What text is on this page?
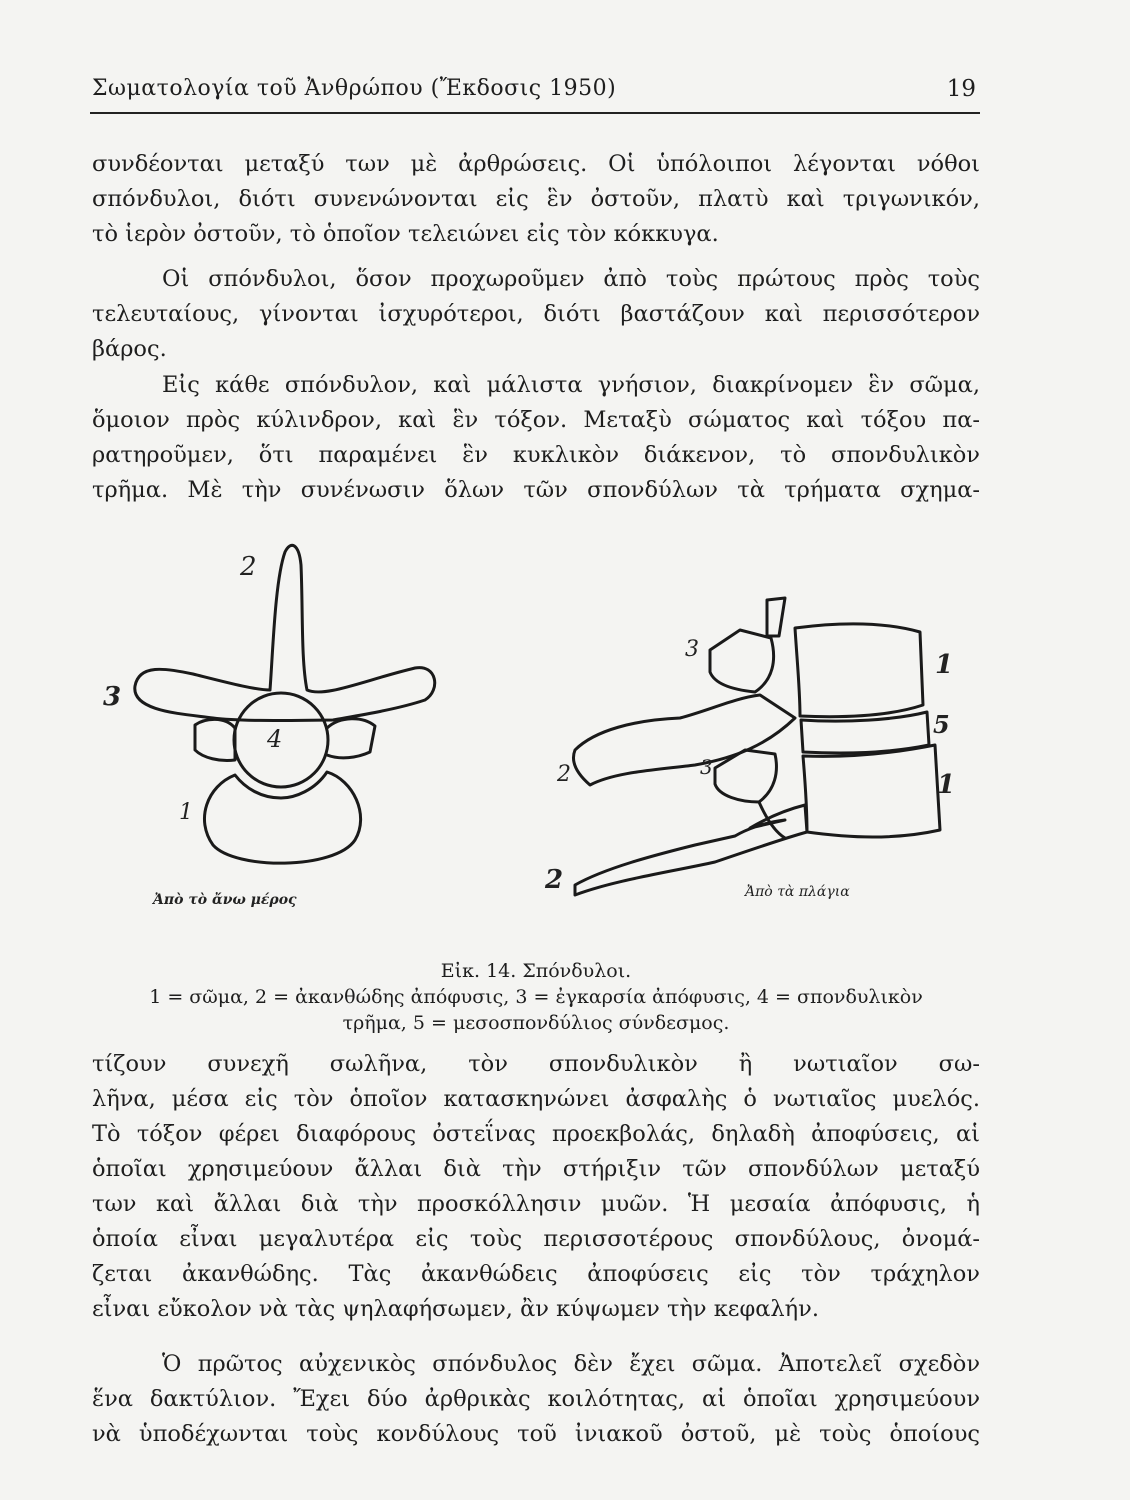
Σωματολογία τοῦ Ἀνθρώπου (Ἔκδοσις 1950)	19
συνδέονται μεταξύ των μὲ ἀρθρώσεις. Οἱ ὑπόλοιποι λέγονται νόθοι
σπόνδυλοι, διότι συνενώνονται εἰς ἓν ὀστοῦν, πλατὺ καὶ τριγωνικόν,
τὸ ἱερὸν ὀστοῦν, τὸ ὁποῖον τελειώνει εἰς τὸν κόκκυγα.
Οἱ σπόνδυλοι, ὅσον προχωροῦμεν ἀπὸ τοὺς πρώτους πρὸς τοὺς
τελευταίους, γίνονται ἰσχυρότεροι, διότι βαστάζουν καὶ περισσότερον
βάρος.
Εἰς κάθε σπόνδυλον, καὶ μάλιστα γνήσιον, διακρίνομεν ἓν σῶμα,
ὅμοιον πρὸς κύλινδρον, καὶ ἓν τόξον. Μεταξὺ σώματος καὶ τόξου πα-
ρατηροῦμεν, ὅτι παραμένει ἓν κυκλικὸν διάκενον, τὸ σπονδυλικὸν
τρῆμα. Μὲ τὴν συνένωσιν ὅλων τῶν σπονδύλων τὰ τρήματα σχημα-
2
3
4
1
Ἀπὸ τὸ ἄνω μέρος
3
1
5
3
2	1
2	Ἀπὸ τὰ πλάγια
Εἰκ. 14. Σπόνδυλοι.
1 = σῶμα, 2 = ἀκανθώδης ἀπόφυσις, 3 = ἐγκαρσία ἀπόφυσις, 4 = σπονδυλικὸν τρῆμα, 5 = μεσοσπονδύλιος σύνδεσμος.
τίζουν συνεχῆ σωλῆνα, τὸν σπονδυλικὸν ἢ νωτιαῖον σω-
λῆνα, μέσα εἰς τὸν ὁποῖον κατασκηνώνει ἀσφαλὴς ὁ νωτιαῖος μυελός.
Τὸ τόξον φέρει διαφόρους ὀστεΐνας προεκβολάς, δηλαδὴ ἀποφύσεις, αἱ
ὁποῖαι χρησιμεύουν ἄλλαι διὰ τὴν στήριξιν τῶν σπονδύλων μεταξύ
των καὶ ἄλλαι διὰ τὴν προσκόλλησιν μυῶν. Ἡ μεσαία ἀπόφυσις, ἡ
ὁποία εἶναι μεγαλυτέρα εἰς τοὺς περισσοτέρους σπονδύλους, ὀνομά-
ζεται ἀκανθώδης. Τὰς ἀκανθώδεις ἀποφύσεις εἰς τὸν τράχηλον
εἶναι εὔκολον νὰ τὰς ψηλαφήσωμεν, ἂν κύψωμεν τὴν κεφαλήν.
Ὁ πρῶτος αὐχενικὸς σπόνδυλος δὲν ἔχει σῶμα. Ἀποτελεῖ σχεδὸν
ἕνα δακτύλιον. Ἔχει δύο ἀρθρικὰς κοιλότητας, αἱ ὁποῖαι χρησιμεύουν
νὰ ὑποδέχωνται τοὺς κονδύλους τοῦ ἰνιακοῦ ὀστοῦ, μὲ τοὺς ὁποίους
